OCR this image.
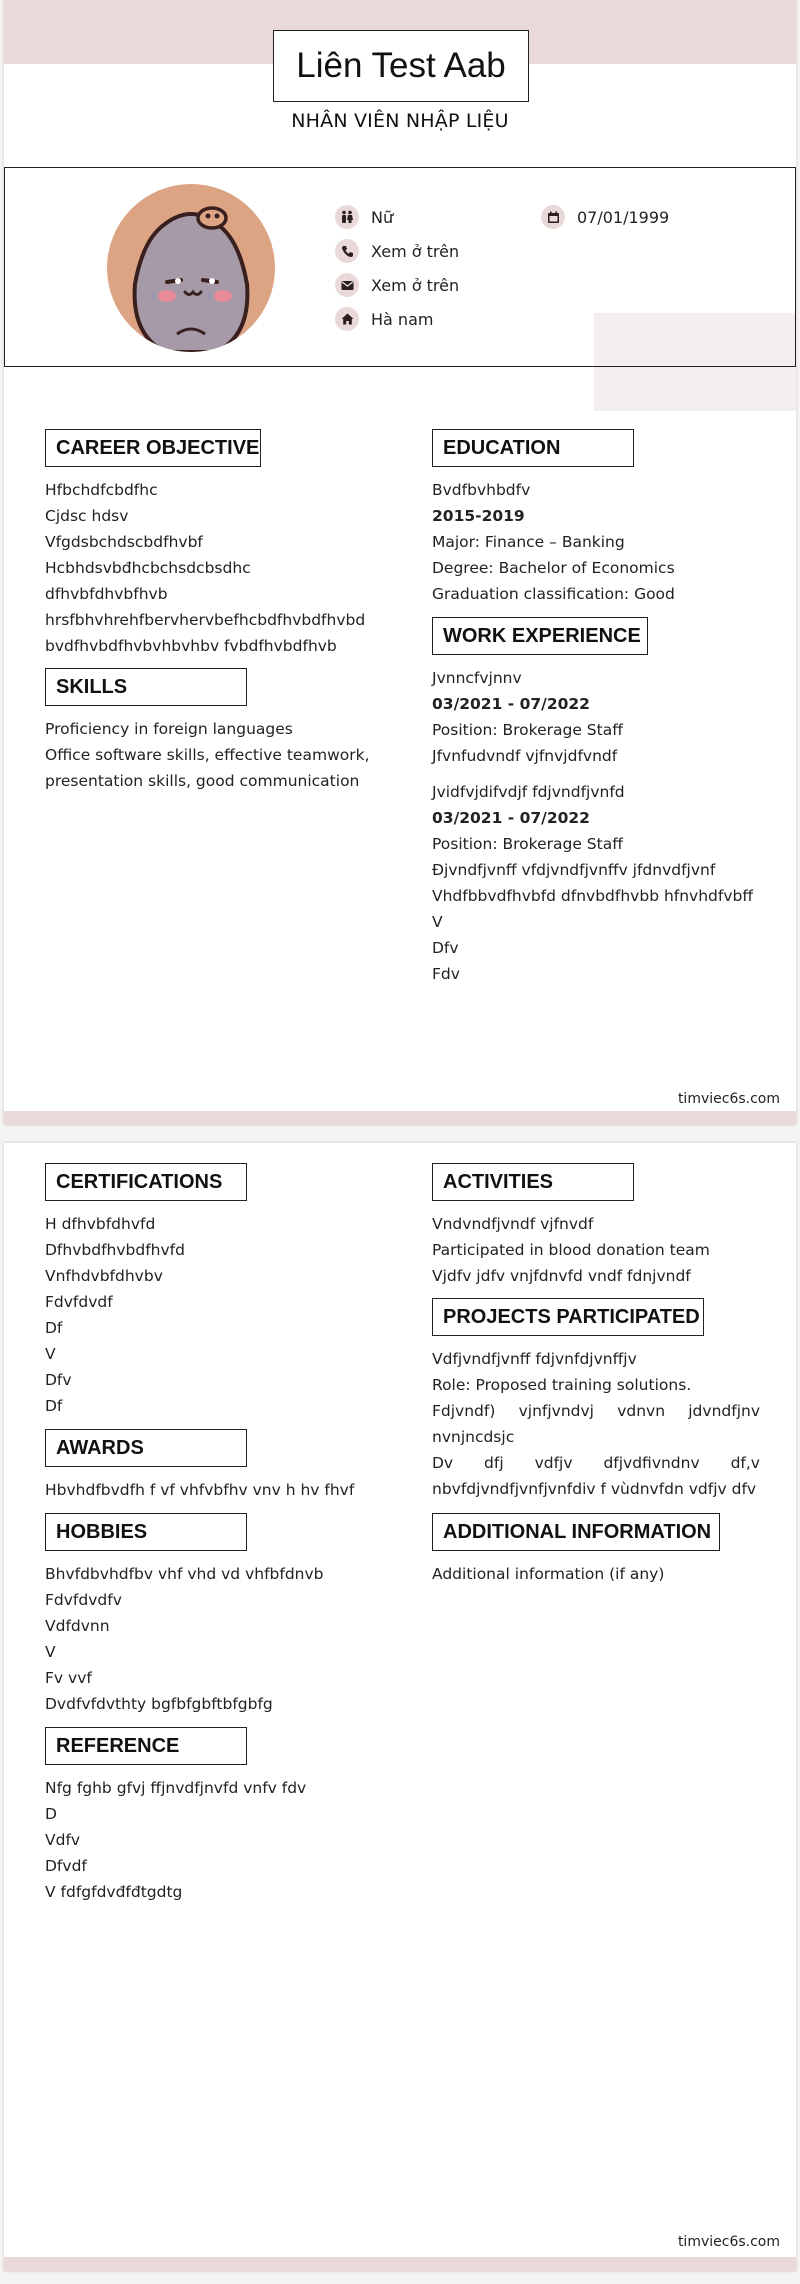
Liên Test Aab
NHÂN VIÊN NHẬP LIỆU
Nữ	07/01/1999
Xem ở trên
Xem ở trên
Hà nam
CAREER OBJECTIVE
Hfbchdfcbdfhc
Cjdsc hdsv
Vfgdsbchdscbdfhvbf
Hcbhdsvbđhcbchsdcbsdhc
dfhvbfdhvbfhvb
hrsfbhvhrehfbervhervbefhcbdfhvbdfhvbd
bvdfhvbdfhvbvhbvhbv fvbdfhvbdfhvb
SKILLS
Proficiency in foreign languages
Office software skills, effective teamwork,
presentation skills, good communication
EDUCATION
Bvdfbvhbdfv
2015-2019
Major: Finance – Banking
Degree: Bachelor of Economics
Graduation classification: Good
WORK EXPERIENCE
Jvnncfvjnnv
03/2021 - 07/2022
Position: Brokerage Staff
Jfvnfudvndf vjfnvjdfvndf
Jvidfvjdifvdjf fdjvndfjvnfd
03/2021 - 07/2022
Position: Brokerage Staff
Đjvndfjvnff vfdjvndfjvnffv jfdnvdfjvnf
Vhdfbbvdfhvbfd dfnvbdfhvbb hfnvhdfvbff
V
Dfv
Fdv
timviec6s.com
CERTIFICATIONS
H dfhvbfdhvfd
Dfhvbdfhvbdfhvfd
Vnfhdvbfdhvbv
Fdvfdvdf
Df
V
Dfv
Df
AWARDS
Hbvhdfbvdfh f vf vhfvbfhv vnv h hv fhvf
HOBBIES
Bhvfdbvhdfbv vhf vhd vd vhfbfdnvb
Fdvfdvdfv
Vdfdvnn
V
Fv vvf
Dvdfvfdvthty bgfbfgbftbfgbfg
REFERENCE
Nfg fghb gfvj ffjnvdfjnvfd vnfv fdv
D
Vdfv
Dfvdf
V fdfgfdvđfđtgdtg
ACTIVITIES
Vndvndfjvndf vjfnvdf
Participated in blood donation team
Vjdfv jdfv vnjfdnvfd vndf fdnjvndf
PROJECTS PARTICIPATED
Vdfjvndfjvnff fdjvnfdjvnffjv
Role: Proposed training solutions.
Fdjvndf) vjnfjvndvj vdnvn jdvndfjnv
nvnjncdsjc
Dv dfj vdfjv dfjvdfivndnv df,v
nbvfdjvndfjvnfjvnfdiv f vùdnvfdn vdfjv dfv
ADDITIONAL INFORMATION
Additional information (if any)
timviec6s.com
